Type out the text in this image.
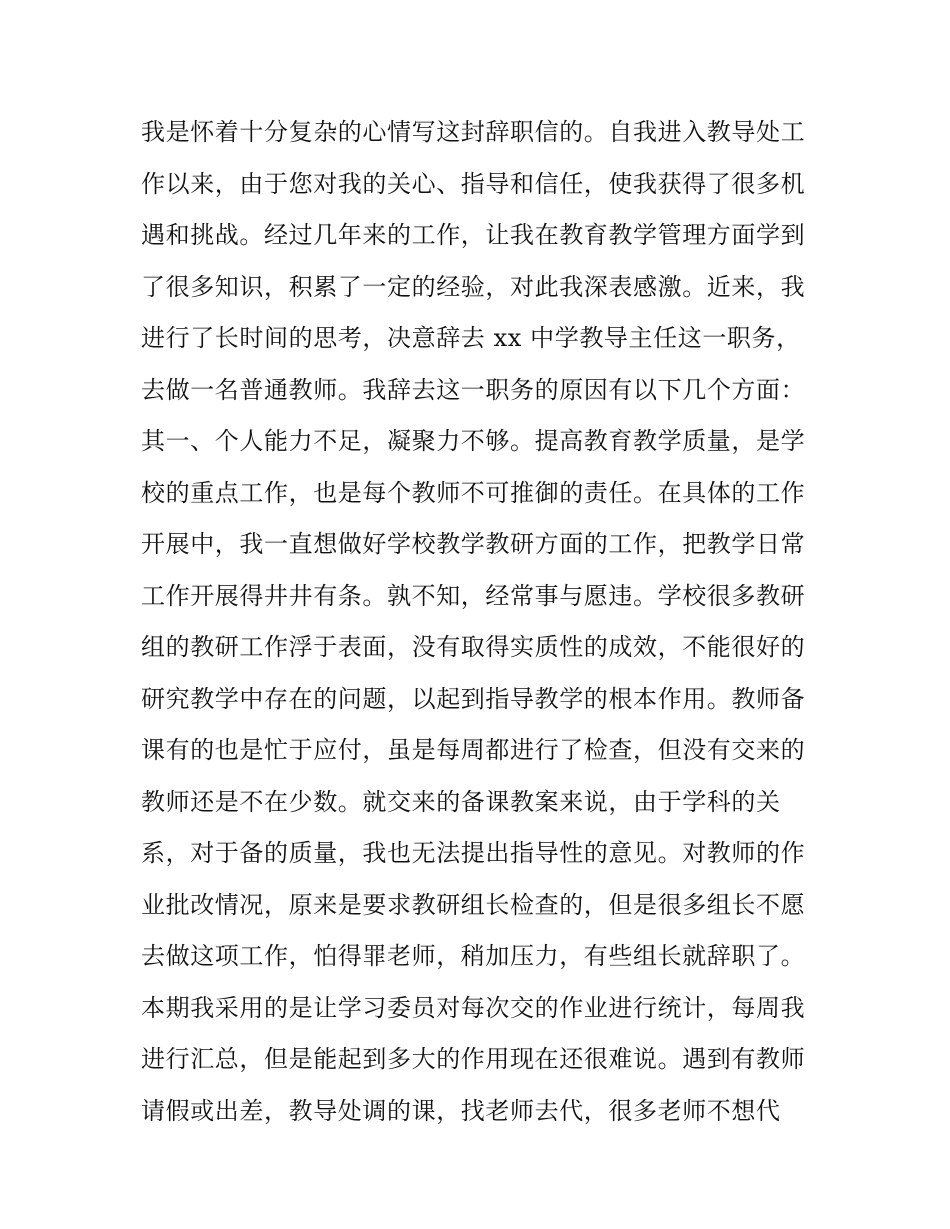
我是怀着十分复杂的心情写这封辞职信的。自我进入教导处工
作以来，由于您对我的关心、指导和信任，使我获得了很多机
遇和挑战。经过几年来的工作，让我在教育教学管理方面学到
了很多知识，积累了一定的经验，对此我深表感激。近来，我
进行了长时间的思考，决意辞去 xx 中学教导主任这一职务，
去做一名普通教师。我辞去这一职务的原因有以下几个方面：
其一、个人能力不足，凝聚力不够。提高教育教学质量，是学
校的重点工作，也是每个教师不可推御的责任。在具体的工作
开展中，我一直想做好学校教学教研方面的工作，把教学日常
工作开展得井井有条。孰不知，经常事与愿违。学校很多教研
组的教研工作浮于表面，没有取得实质性的成效，不能很好的
研究教学中存在的问题，以起到指导教学的根本作用。教师备
课有的也是忙于应付，虽是每周都进行了检查，但没有交来的
教师还是不在少数。就交来的备课教案来说，由于学科的关
系，对于备的质量，我也无法提出指导性的意见。对教师的作
业批改情况，原来是要求教研组长检查的，但是很多组长不愿
去做这项工作，怕得罪老师，稍加压力，有些组长就辞职了。
本期我采用的是让学习委员对每次交的作业进行统计，每周我
进行汇总，但是能起到多大的作用现在还很难说。遇到有教师
请假或出差，教导处调的课，找老师去代，很多老师不想代
